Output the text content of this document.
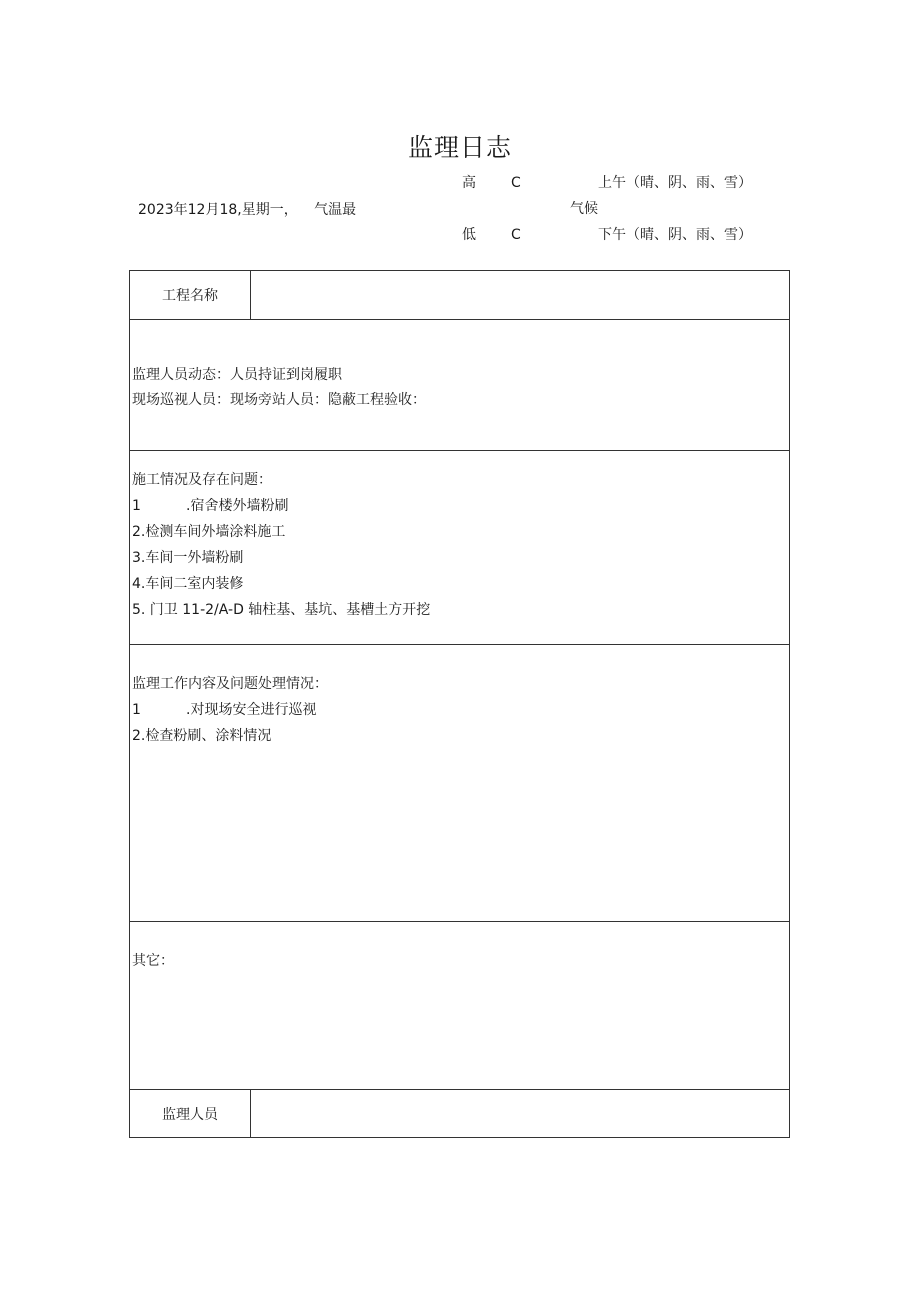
监理日志
2023年12月18,星期一， 气温最
高	C
低	C
气候
上午（晴、阴、雨、雪）
下午（晴、阴、雨、雪）
工程名称
监理人员动态：人员持证到岗履职
现场巡视人员：现场旁站人员：隐蔽工程验收：
施工情况及存在问题：
1	.宿舍楼外墙粉刷
2.检测车间外墙涂料施工
3.车间一外墙粉刷
4.车间二室内装修
5. 门卫 11-2/A-D 轴柱基、基坑、基槽土方开挖
监理工作内容及问题处理情况：
1	.对现场安全进行巡视
2.检查粉刷、涂料情况
其它：
监理人员
